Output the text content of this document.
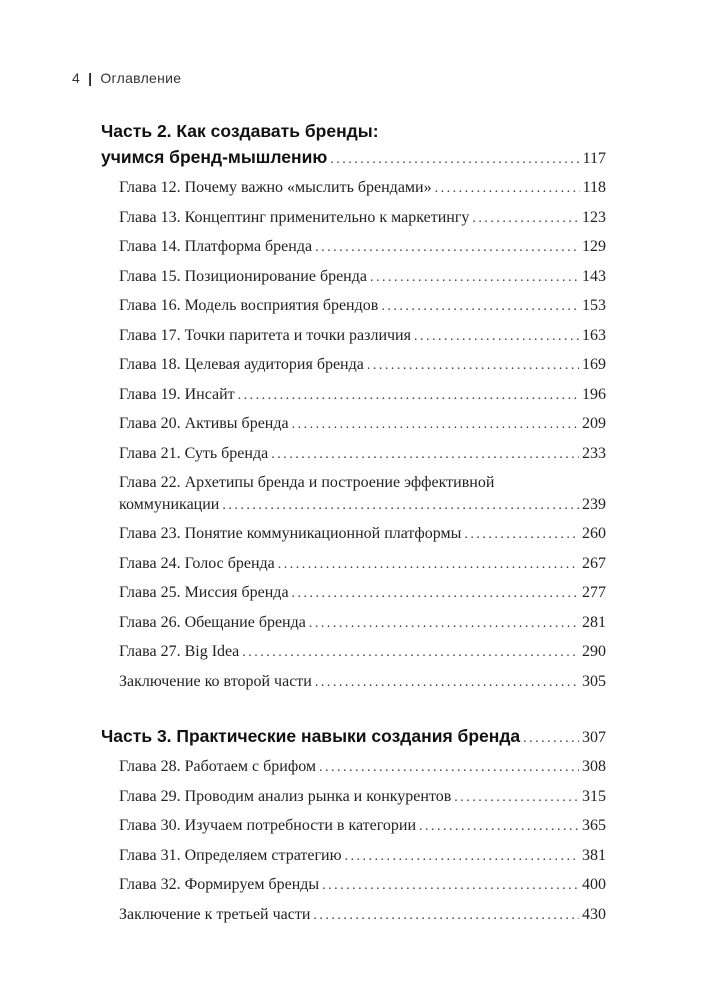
4 | Оглавление
Часть 2. Как создавать бренды:
учимся бренд-мышлению . . .	117
Глава 12. Почему важно «мыслить брендами» . . .	118
Глава 13. Концептинг применительно к маркетингу . . .	123
Глава 14. Платформа бренда . . .	129
Глава 15. Позиционирование бренда . . .	143
Глава 16. Модель восприятия брендов . . .	153
Глава 17. Точки паритета и точки различия . . .	163
Глава 18. Целевая аудитория бренда . . .	169
Глава 19. Инсайт . . .	196
Глава 20. Активы бренда . . .	209
Глава 21. Суть бренда . . .	233
Глава 22. Архетипы бренда и построение эффективной
коммуникации . . .	239
Глава 23. Понятие коммуникационной платформы . . .	260
Глава 24. Голос бренда . . .	267
Глава 25. Миссия бренда . . .	277
Глава 26. Обещание бренда . . .	281
Глава 27. Big Idea . . .	290
Заключение ко второй части . . .	305
Часть 3. Практические навыки создания бренда . . .	307
Глава 28. Работаем с брифом . . .	308
Глава 29. Проводим анализ рынка и конкурентов . . .	315
Глава 30. Изучаем потребности в категории . . .	365
Глава 31. Определяем стратегию . . .	381
Глава 32. Формируем бренды . . .	400
Заключение к третьей части . . .	430
